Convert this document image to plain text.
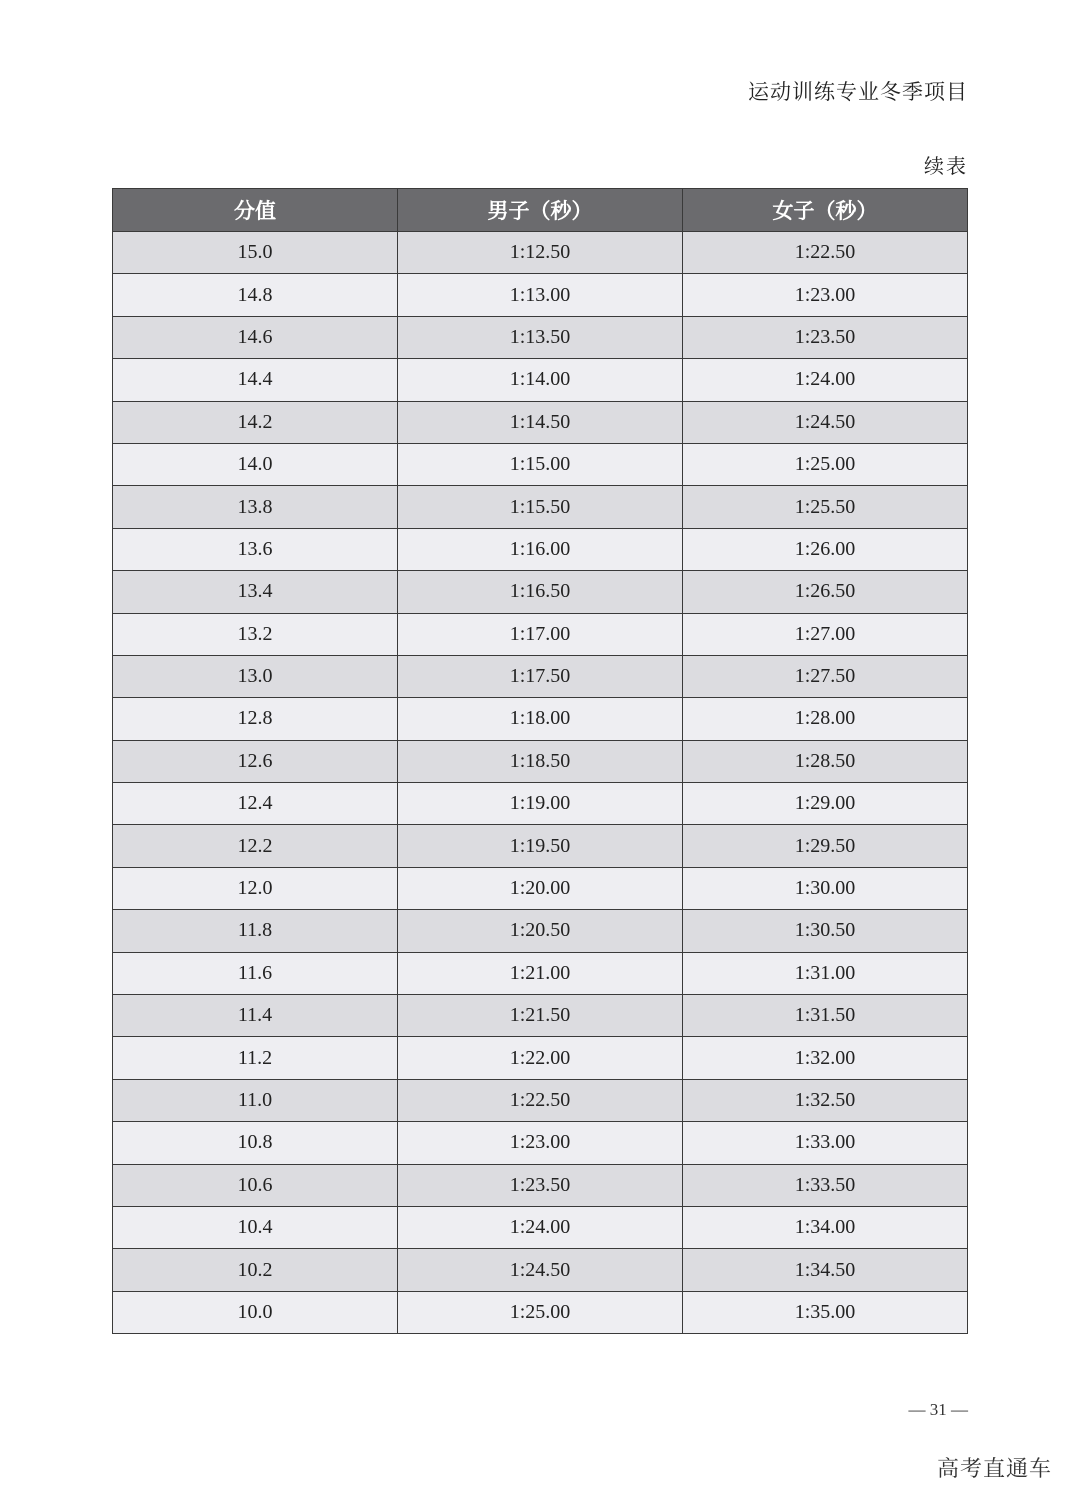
运动训练专业冬季项目
续表
分值	男子（秒）	女子（秒）
15.0	1:12.50	1:22.50
14.8	1:13.00	1:23.00
14.6	1:13.50	1:23.50
14.4	1:14.00	1:24.00
14.2	1:14.50	1:24.50
14.0	1:15.00	1:25.00
13.8	1:15.50	1:25.50
13.6	1:16.00	1:26.00
13.4	1:16.50	1:26.50
13.2	1:17.00	1:27.00
13.0	1:17.50	1:27.50
12.8	1:18.00	1:28.00
12.6	1:18.50	1:28.50
12.4	1:19.00	1:29.00
12.2	1:19.50	1:29.50
12.0	1:20.00	1:30.00
11.8	1:20.50	1:30.50
11.6	1:21.00	1:31.00
11.4	1:21.50	1:31.50
11.2	1:22.00	1:32.00
11.0	1:22.50	1:32.50
10.8	1:23.00	1:33.00
10.6	1:23.50	1:33.50
10.4	1:24.00	1:34.00
10.2	1:24.50	1:34.50
10.0	1:25.00	1:35.00
— 31 —
高考直通车
